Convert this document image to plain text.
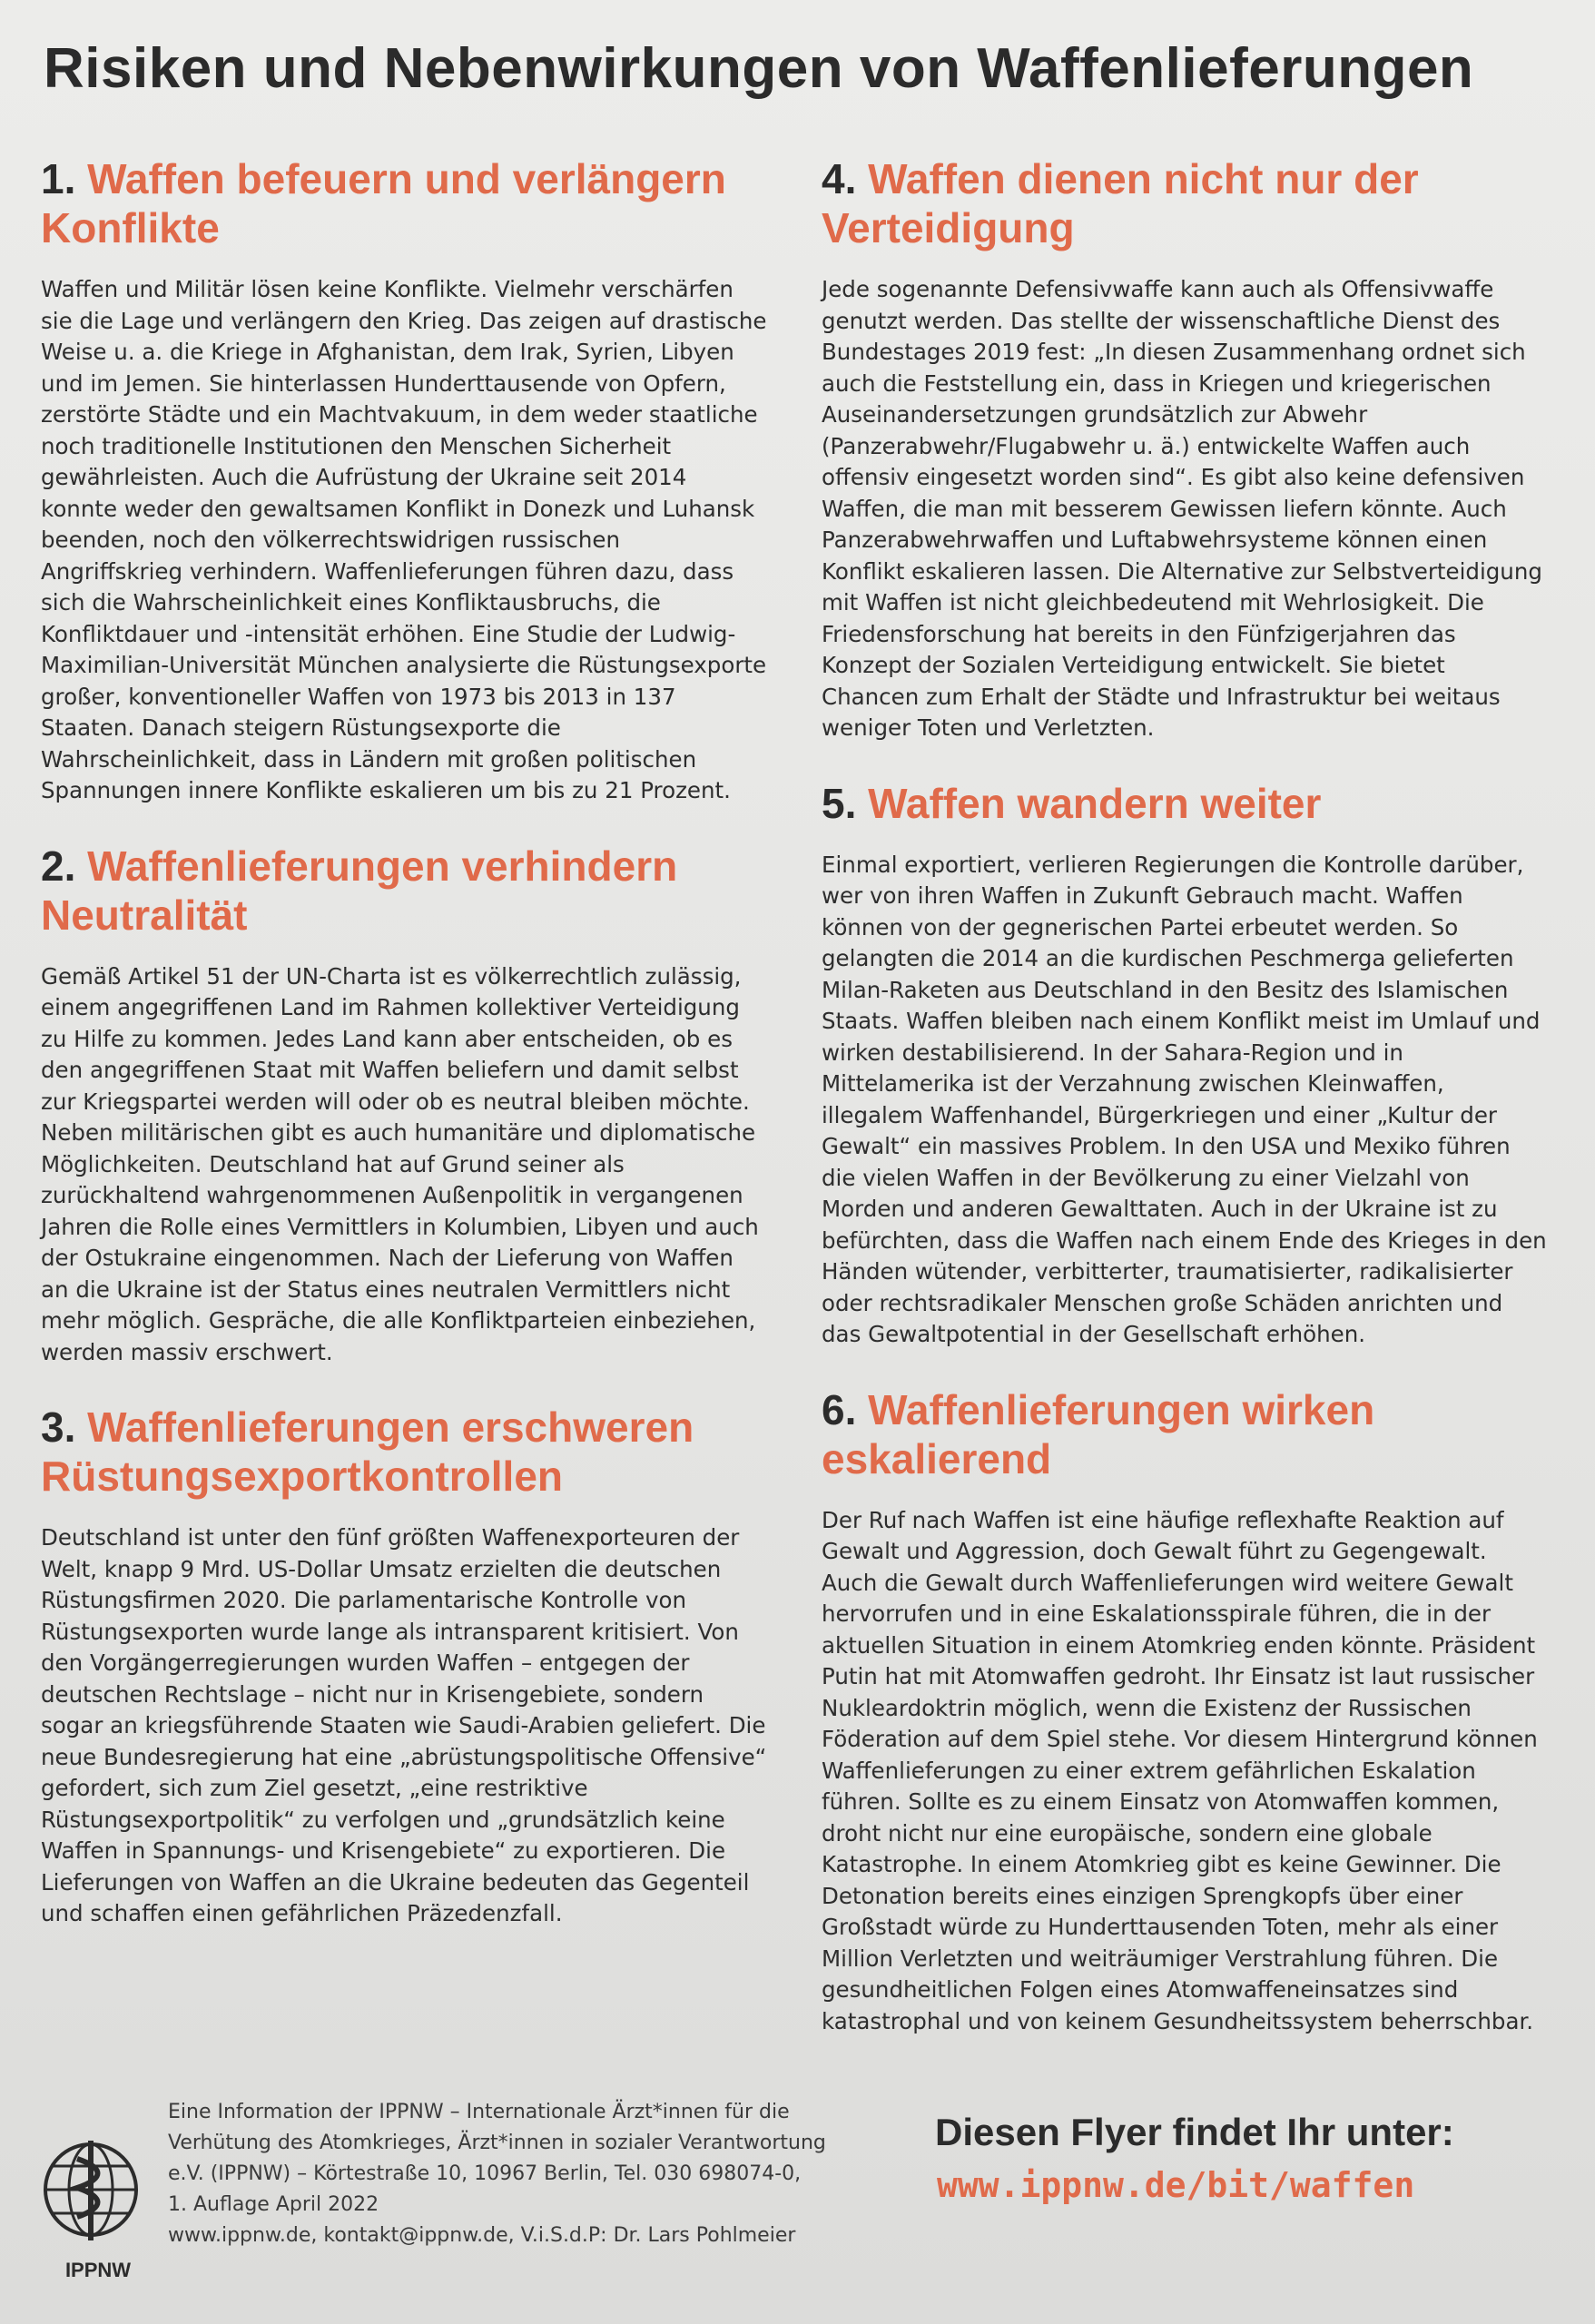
Risiken und Nebenwirkungen von Waffenlieferungen
1. Waffen befeuern und verlängern Konflikte

Waffen und Militär lösen keine Konflikte. Vielmehr verschärfen sie die Lage und verlängern den Krieg. Das zeigen auf drastische Weise u. a. die Kriege in Afghanistan, dem Irak, Syrien, Libyen und im Jemen. Sie hinterlassen Hunderttausende von Opfern, zerstörte Städte und ein Machtvakuum, in dem weder staatliche noch traditionelle Institutionen den Menschen Sicherheit gewährleisten. Auch die Aufrüstung der Ukraine seit 2014 konnte weder den gewaltsamen Konflikt in Donezk und Luhansk beenden, noch den völkerrechtswidrigen russischen Angriffskrieg verhindern. Waffenlieferungen führen dazu, dass sich die Wahrscheinlichkeit eines Konfliktausbruchs, die Konfliktdauer und -intensität erhöhen. Eine Studie der Ludwig-Maximilian-Universität München analysierte die Rüstungsexporte großer, konventioneller Waffen von 1973 bis 2013 in 137 Staaten. Danach steigern Rüstungsexporte die Wahrscheinlichkeit, dass in Ländern mit großen politischen Spannungen innere Konflikte eskalieren um bis zu 21 Prozent.

2. Waffenlieferungen verhindern Neutralität

Gemäß Artikel 51 der UN-Charta ist es völkerrechtlich zulässig, einem angegriffenen Land im Rahmen kollektiver Verteidigung zu Hilfe zu kommen. Jedes Land kann aber entscheiden, ob es den angegriffenen Staat mit Waffen beliefern und damit selbst zur Kriegspartei werden will oder ob es neutral bleiben möchte. Neben militärischen gibt es auch humanitäre und diplomatische Möglichkeiten. Deutschland hat auf Grund seiner als zurückhaltend wahrgenommenen Außenpolitik in vergangenen Jahren die Rolle eines Vermittlers in Kolumbien, Libyen und auch der Ostukraine eingenommen. Nach der Lieferung von Waffen an die Ukraine ist der Status eines neutralen Vermittlers nicht mehr möglich. Gespräche, die alle Konfliktparteien einbeziehen, werden massiv erschwert.

3. Waffenlieferungen erschweren Rüstungsexportkontrollen

Deutschland ist unter den fünf größten Waffenexporteuren der Welt, knapp 9 Mrd. US-Dollar Umsatz erzielten die deutschen Rüstungsfirmen 2020. Die parlamentarische Kontrolle von Rüstungsexporten wurde lange als intransparent kritisiert. Von den Vorgängerregierungen wurden Waffen – entgegen der deutschen Rechtslage – nicht nur in Krisengebiete, sondern sogar an kriegsführende Staaten wie Saudi-Arabien geliefert. Die neue Bundesregierung hat eine „abrüstungspolitische Offensive“ gefordert, sich zum Ziel gesetzt, „eine restriktive Rüstungsexportpolitik“ zu verfolgen und „grundsätzlich keine Waffen in Spannungs- und Krisengebiete“ zu exportieren. Die Lieferungen von Waffen an die Ukraine bedeuten das Gegenteil und schaffen einen gefährlichen Präzedenzfall.

4. Waffen dienen nicht nur der Verteidigung

Jede sogenannte Defensivwaffe kann auch als Offensivwaffe genutzt werden. Das stellte der wissenschaftliche Dienst des Bundestages 2019 fest: „In diesen Zusammenhang ordnet sich auch die Feststellung ein, dass in Kriegen und kriegerischen Auseinandersetzungen grundsätzlich zur Abwehr (Panzerabwehr/Flugabwehr u. ä.) entwickelte Waffen auch offensiv eingesetzt worden sind“. Es gibt also keine defensiven Waffen, die man mit besserem Gewissen liefern könnte. Auch Panzerabwehrwaffen und Luftabwehrsysteme können einen Konflikt eskalieren lassen. Die Alternative zur Selbstverteidigung mit Waffen ist nicht gleichbedeutend mit Wehrlosigkeit. Die Friedensforschung hat bereits in den Fünfzigerjahren das Konzept der Sozialen Verteidigung entwickelt. Sie bietet Chancen zum Erhalt der Städte und Infrastruktur bei weitaus weniger Toten und Verletzten.

5. Waffen wandern weiter

Einmal exportiert, verlieren Regierungen die Kontrolle darüber, wer von ihren Waffen in Zukunft Gebrauch macht. Waffen können von der gegnerischen Partei erbeutet werden. So gelangten die 2014 an die kurdischen Peschmerga gelieferten Milan-Raketen aus Deutschland in den Besitz des Islamischen Staats. Waffen bleiben nach einem Konflikt meist im Umlauf und wirken destabilisierend. In der Sahara-Region und in Mittelamerika ist der Verzahnung zwischen Kleinwaffen, illegalem Waffenhandel, Bürgerkriegen und einer „Kultur der Gewalt“ ein massives Problem. In den USA und Mexiko führen die vielen Waffen in der Bevölkerung zu einer Vielzahl von Morden und anderen Gewalttaten. Auch in der Ukraine ist zu befürchten, dass die Waffen nach einem Ende des Krieges in den Händen wütender, verbitterter, traumatisierter, radikalisierter oder rechtsradikaler Menschen große Schäden anrichten und das Gewaltpotential in der Gesellschaft erhöhen.

6. Waffenlieferungen wirken eskalierend

Der Ruf nach Waffen ist eine häufige reflexhafte Reaktion auf Gewalt und Aggression, doch Gewalt führt zu Gegengewalt. Auch die Gewalt durch Waffenlieferungen wird weitere Gewalt hervorrufen und in eine Eskalationsspirale führen, die in der aktuellen Situation in einem Atomkrieg enden könnte. Präsident Putin hat mit Atomwaffen gedroht. Ihr Einsatz ist laut russischer Nukleardoktrin möglich, wenn die Existenz der Russischen Föderation auf dem Spiel stehe. Vor diesem Hintergrund können Waffenlieferungen zu einer extrem gefährlichen Eskalation führen. Sollte es zu einem Einsatz von Atomwaffen kommen, droht nicht nur eine europäische, sondern eine globale Katastrophe. In einem Atomkrieg gibt es keine Gewinner. Die Detonation bereits eines einzigen Sprengkopfs über einer Großstadt würde zu Hunderttausenden Toten, mehr als einer Million Verletzten und weiträumiger Verstrahlung führen. Die gesundheitlichen Folgen eines Atomwaffeneinsatzes sind katastrophal und von keinem Gesundheitssystem beherrschbar.

IPPNW
Eine Information der IPPNW – Internationale Ärzt*innen für die
Verhütung des Atomkrieges, Ärzt*innen in sozialer Verantwortung
e.V. (IPPNW) – Körtestraße 10, 10967 Berlin, Tel. 030 698074-0,
1. Auflage April 2022
www.ippnw.de, kontakt@ippnw.de, V.i.S.d.P: Dr. Lars Pohlmeier
Diesen Flyer findet Ihr unter:
www.ippnw.de/bit/waffen
